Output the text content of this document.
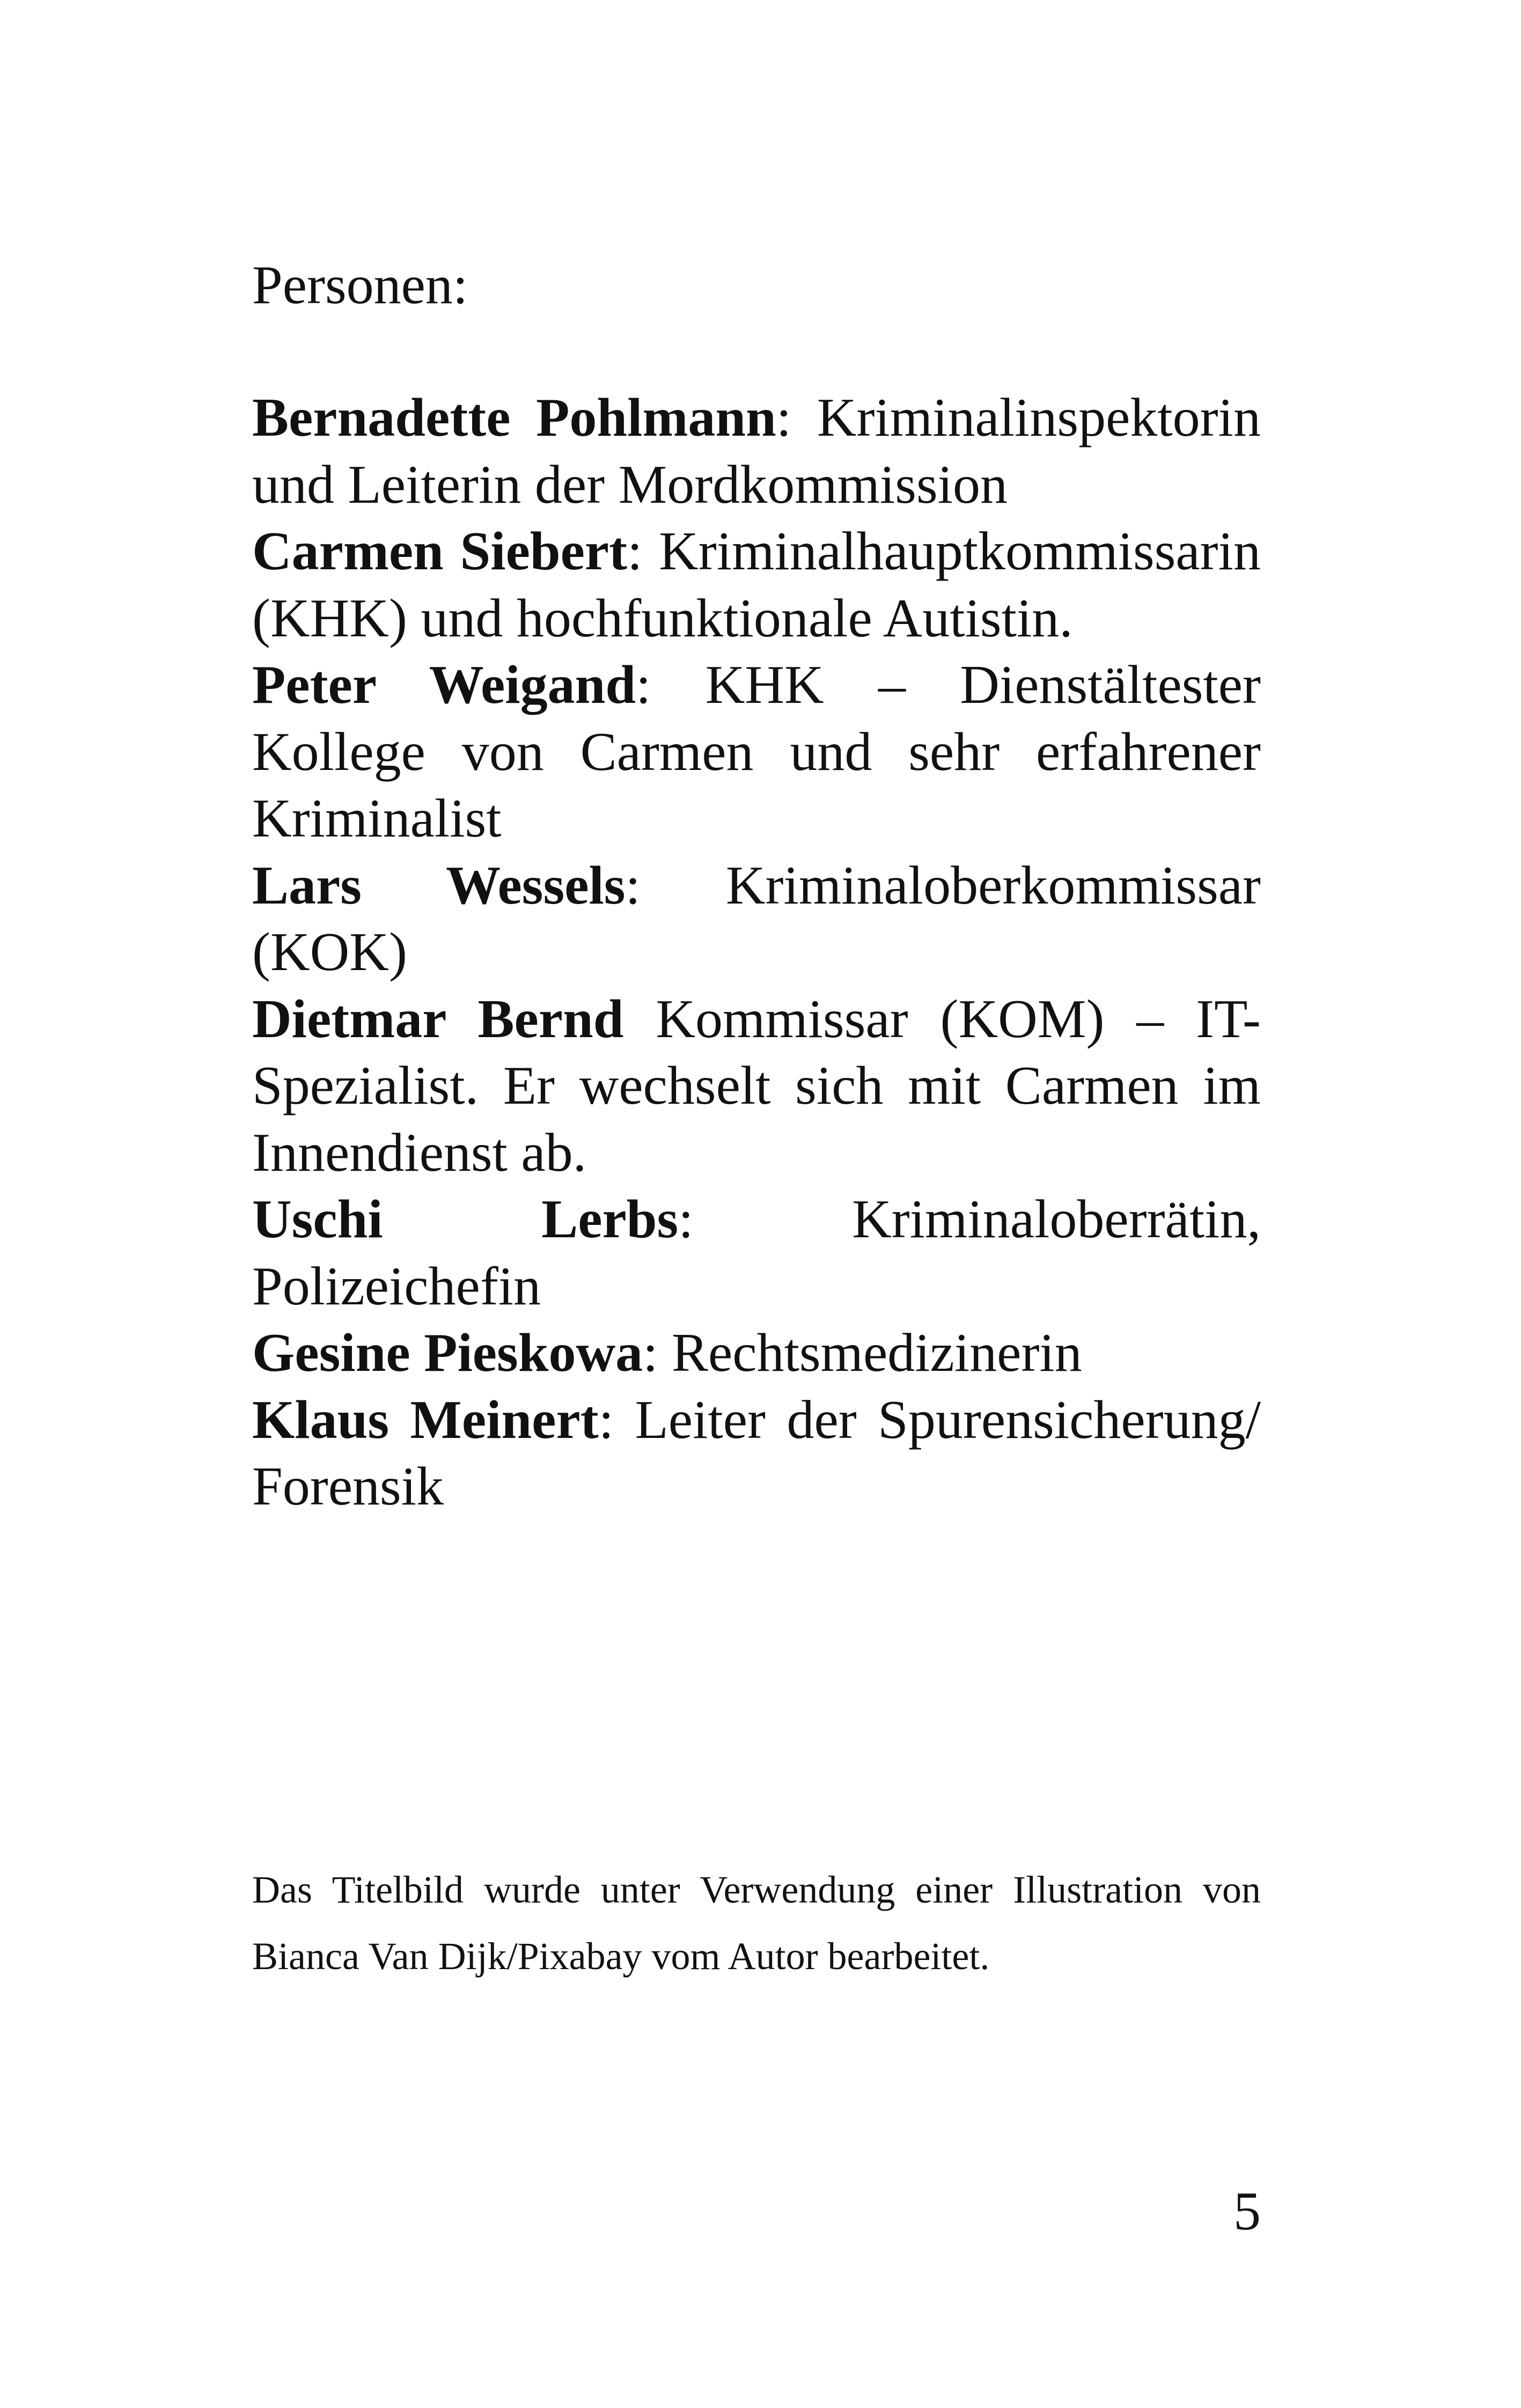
Personen:

Bernadette Pohlmann: Kriminalinspektorin und Leiterin der Mordkommission

Carmen Siebert: Kriminalhauptkommissarin (KHK) und hochfunktionale Autistin.

Peter Weigand: KHK – Dienstältester Kollege von Carmen und sehr erfahrener Kriminalist

Lars Wessels: Kriminaloberkommissar (KOK)

Dietmar Bernd Kommissar (KOM) – IT-Spezialist. Er wechselt sich mit Carmen im Innendienst ab.

Uschi Lerbs: Kriminaloberrätin, Polizeichefin

Gesine Pieskowa: Rechtsmedizinerin

Klaus Meinert: Leiter der Spurensicherung/ Forensik

Das Titelbild wurde unter Verwendung einer Illustration von Bianca Van Dijk/Pixabay vom Autor bearbeitet.

5
